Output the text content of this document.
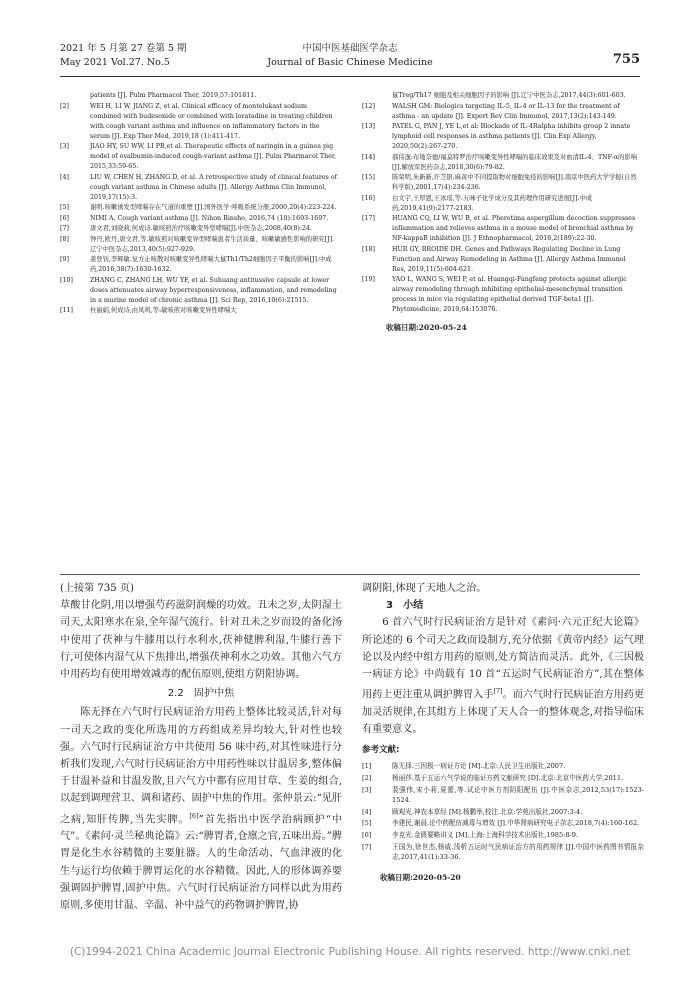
2021 年 5 月第 27 卷第 5 期
May 2021 Vol.27. No.5
中国中医基础医学杂志
Journal of Basic Chinese Medicine	755
patients [J]. Pulm Pharmacol Ther, 2019,57:101811.
[2]	WEI H, LI W, JIANG Z, et al. Clinical efficacy of montelukast sodium combined with budesonide or combined with loratadine in treating children with cough variant asthma and influence on inflammatory factors in the serum [J]. Exp Ther Med, 2019,18 (1):411-417.
[3]	JIAO HY, SU WW, LI PB,et al. Therapeutic effects of naringin in a guinea pig model of ovalbumin-induced cough-variant asthma [J]. Pulm Pharmacol Ther, 2015,33:59-65.
[4]	LIU W, CHEN H, ZHANG D, et al. A retrospective study of clinical features of cough variant asthma in Chinese adults [J]. Allergy Asthma Clin Immunol, 2019,17(15):3.
[5]	谢明.咳嗽诱发型哮喘存在气道的重塑 [J].国外医学·呼吸系统分册,2000,20(4):223-224.
[6]	NIMI A. Cough variant asthma [J]. Nihon Rinsho, 2016,74 (10):1693-1697.
[7]	唐文君,刘晓莉,何成诗.敏咳煎治疗咳嗽变异型哮喘[J].中医杂志,2008,40(8):24.
[8]	钟丹,欧丹,唐文君,等.敏咳煎对咳嗽变异型哮喘患者生活质量、咳嗽敏感性影响的研究[J].辽宁中医杂志,2013,40(5):927-929.
[9]	姜登钊,李辉敏.复方止咳散对咳嗽变异性哮喘大鼠Th1/Th2细胞因子平衡的影响[J].中成药,2016,38(7):1630-1632.
[10]	ZHANG C, ZHANG LH, WU YF, et al. Suhuang antitussive capsule at lower doses attenuates airway hyperresponsiveness, inflammation, and remodeling in a murine model of chronic asthma [J]. Sci Rep, 2016,10(6):21515.
[11]	杜丽娟,何成诗,由凤鸣,等:敏咳煎对咳嗽变异性哮喘大
鼠Treg/Th17 细胞及相关细胞因子的影响 [J].辽宁中医杂志,2017,44(3):601-603.
[12]	WALSH GM: Biologics targeting IL-5, IL-4 or IL-13 for the treatment of asthma - an update [J]. Expert Rev Clin Immunol, 2017,13(2):143-149.
[13]	PATEL G, PAN J, YE L,et al: Blockade of IL-4Ralpha inhibits group 2 innate lymphoid cell responses in asthma patients [J]. Clin Exp Allergy, 2020,50(2):267-270.
[14]	郝伟逸:布地奈德/福莫特罗治疗咳嗽变异性哮喘的临床效果及对血清IL-4、TNF-α的影响[J].解放军医药杂志,2018,30(6):79-82.
[15]	陈荣明,朱新新,许芝银.麻黄中不同提取物对细胞免疫的影响[J].南京中医药大学学报(自然科学版),2001,17(4):234-236.
[16]	白文宇,王厚恩,王冰瑶,等.五味子化学成分及其药理作用研究进展[J].中成药,2019,41(9):2177-2183.
[17]	HUANG CQ, LI W, WU B, et al. Pheretima aspergillum decoction suppresses inflammation and relieves asthma in a mouse model of bronchial asthma by NF-kappaB inhibition [J]. J Ethnopharmacol, 2016,2(189):22-30.
[18]	HUR GY, BROIDE DH. Genes and Pathways Regulating Decline in Lung Function and Airway Remodeling in Asthma [J]. Allergy Asthma Immunol Res, 2019,11(5):604-621.
[19]	YAO L, WANG S, WEI P, et al. Huangqi-Fangfeng protects against allergic airway remodeling through inhibiting epithelial-mesenchymal transition process in mice via regulating epithelial derived TGF-beta1 [J]. Phytomedicine, 2019,64:153076.
收稿日期:2020-05-24

(上接第 735 页)

草酸甘化阴,用以增强芍药滋阴润燥的功效。丑未之岁,太阴湿土司天,太阳寒水在泉,全年湿气流行。针对丑未之岁而设的备化汤中使用了茯神与牛膝用以行水利水,茯神健脾利湿,牛膝行善下行,可使体内湿气从下焦排出,增强茯神利水之功效。其他六气方中用药均有使用增效减毒的配伍原则,使组方阴阳协调。

2.2　固护中焦

陈无择在六气时行民病证治方用药上整体比较灵活,针对每一司天之政的变化所选用的方药组成差异均较大,针对性也较强。六气时行民病证治方中共使用 56 味中药,对其性味进行分析我们发现,六气时行民病证治方中用药性味以甘温居多,整体偏于甘温补益和甘温发散,且六气方中都有应用甘草、生姜的组合,以起到调理营卫、调和诸药、固护中焦的作用。张仲景云:“见肝之病,知肝传脾,当先实脾。[6]”首先指出中医学治病顾护“中气”。《素问·灵兰秘典论篇》云:“脾胃者,仓廪之官,五味出焉。”脾胃是化生水谷精微的主要脏器。人的生命活动、气血津液的化生与运行均依赖于脾胃运化的水谷精微。因此,人的形体调养要强调固护脾胃,固护中焦。六气时行民病证治方同样以此为用药原则,多使用甘温、辛温、补中益气的药物调护脾胃,协

调阴阳,体现了天地人之治。

3　小结

6 首六气时行民病证治方是针对《素问·六元正纪大论篇》所论述的 6 个司天之政而设制方,充分依据《黄帝内经》运气理论以及内经中组方用药的原则,处方简洁而灵活。此外,《三因极一病证方论》中尚载有 10 首“五运时气民病证治方”,其在整体用药上更注重从调护脾胃入手[7]。而六气时行民病证治方用药更加灵活规律,在其组方上体现了天人合一的整体观念,对指导临床有重要意义。

参考文献:
[1]	陈无择.三因极一病证方论 [M].北京:人民卫生出版社,2007.
[2]	杨丽莎.基于五运六气学说的临证方药文献研究 [D].北京:北京中医药大学,2011.
[3]	裴强伟,宋小莉,夏蕾,等.试论中医方剂阴阳配伍 [J].中医杂志,2012,53(17):1523-1524.
[4]	顾观光.神农本草经 [M].杨鹏举,校注.北京:学苑出版社,2007:3-4.
[5]	李建民,谢晨.论中药配伍减毒与增效 [J].中华肾病研究电子杂志,2018,7(4):160-162.
[6]	李克光.金匮要略讲义 [M].上海:上海科学技术出版社,1985:8-9.
[7]	王国为,徐世杰,杨威.浅析五运时气民病证治方的用药规律 [J].中国中医药图书情报杂志,2017,41(1):33-36.
收稿日期:2020-05-20
(C)1994-2021 China Academic Journal Electronic Publishing House. All rights reserved. http://www.cnki.net
